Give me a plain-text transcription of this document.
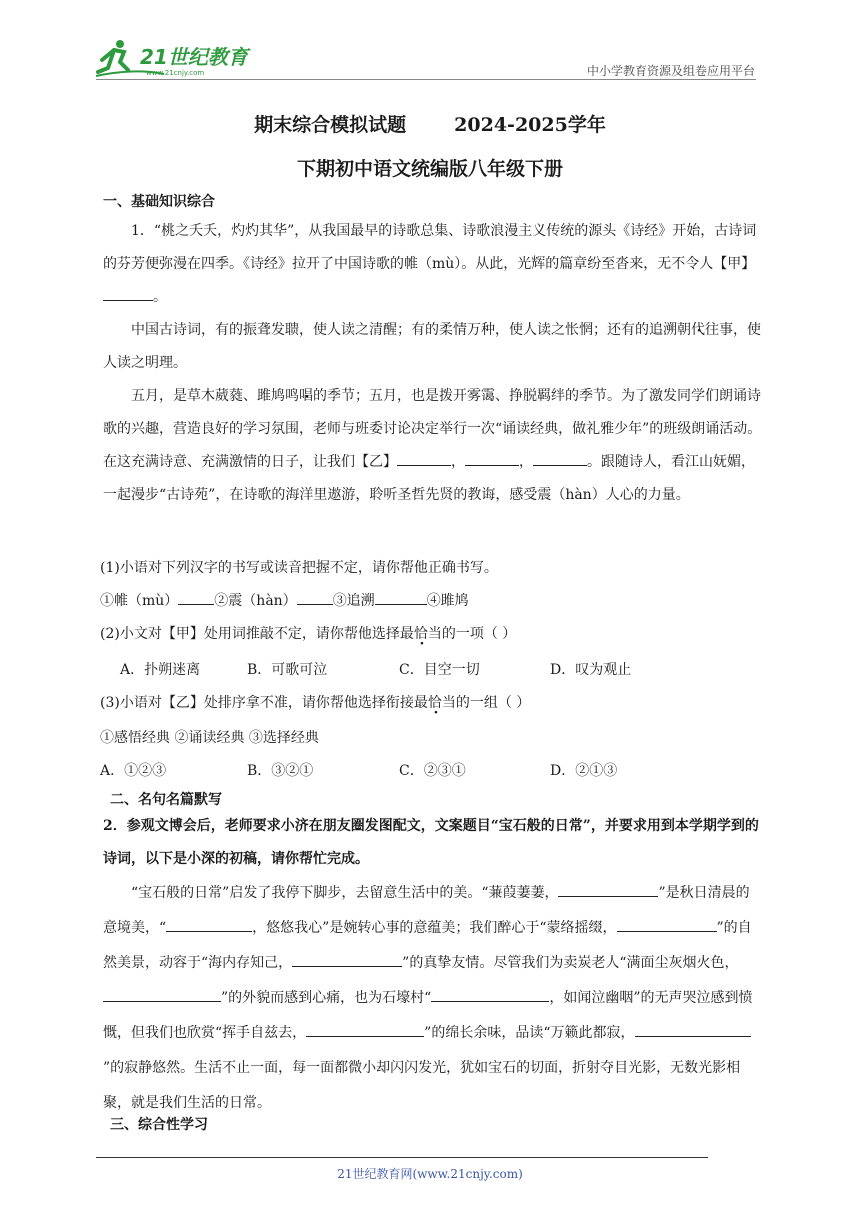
21世纪教育
www.21cnjy.com	中小学教育资源及组卷应用平台
期末综合模拟试题	2024-2025学年
下期初中语文统编版八年级下册
一、基础知识综合

1．“桃之夭夭，灼灼其华”，从我国最早的诗歌总集、诗歌浪漫主义传统的源头《诗经》开始，古诗词的芬芳便弥漫在四季。《诗经》拉开了中国诗歌的帷（mù）。从此，光辉的篇章纷至沓来，无不令人【甲】。

中国古诗词，有的振聋发聩，使人读之清醒；有的柔情万种，使人读之怅惘；还有的追溯 ·朝代往事，使人读之明理。

五月，是草木葳蕤、雎鸠 ·鸣唱的季节；五月，也是拨开雾霭、挣脱羁绊的季节。为了激发同学们朗诵诗歌的兴趣，营造良好的学习氛围，老师与班委讨论决定举行一次“诵读经典，做礼雅少年”的班级朗诵活动。在这充满诗意、充满激情的日子，让我们【乙】	，	，	。跟随诗人，看江山妩媚，一起漫步“古诗苑”，在诗歌的海洋里遨游，聆听圣哲先贤的教诲，感受震（hàn）人心的力量。

(1)小语对下列汉字的书写或读音把握不定，请你帮他正确书写。
①帷（mù）	②震（hàn）	③追溯	④雎鸠
(2)小文对【甲】处用词推敲不定，请你帮他选择最恰当的一项（ ）
A．扑朔迷离	B．可歌可泣	C．目空一切	D．叹为观止
(3)小语对【乙】处排序拿不准，请你帮他选择衔接最恰当的一组（ ）
①感悟经典 ②诵读经典 ③选择经典
A．①②③	B．③②①	C．②③①	D．②①③
二、名句名篇默写

2．参观文博会后，老师要求小济在朋友圈发图配文，文案题目“宝石般的日常”，并要求用到本学期学到的诗词，以下是小深的初稿，请你帮忙完成。

“宝石般的日常”启发了我停下脚步，去留意生活中的美。“蒹葭萋萋，	”是秋日清晨的意境美，“	，悠悠我心”是婉转心事的意蕴美；我们醉心于“蒙络摇缀，	”的自然美景，动容于“海内存知己，	”的真挚友情。尽管我们为卖炭老人“满面尘灰烟火色，”的外貌而感到心痛，也为石壕村“	，如闻泣幽咽”的无声哭泣感到愤慨，但我们也欣赏“挥手自兹去，	”的绵长余味，品读“万籁此都寂，”的寂静悠然。生活不止一面，每一面都微小却闪闪发光，犹如宝石的切面，折射夺目光影，无数光影相聚，就是我们生活的日常。

三、综合性学习
21世纪教育网(www.21cnjy.com)
